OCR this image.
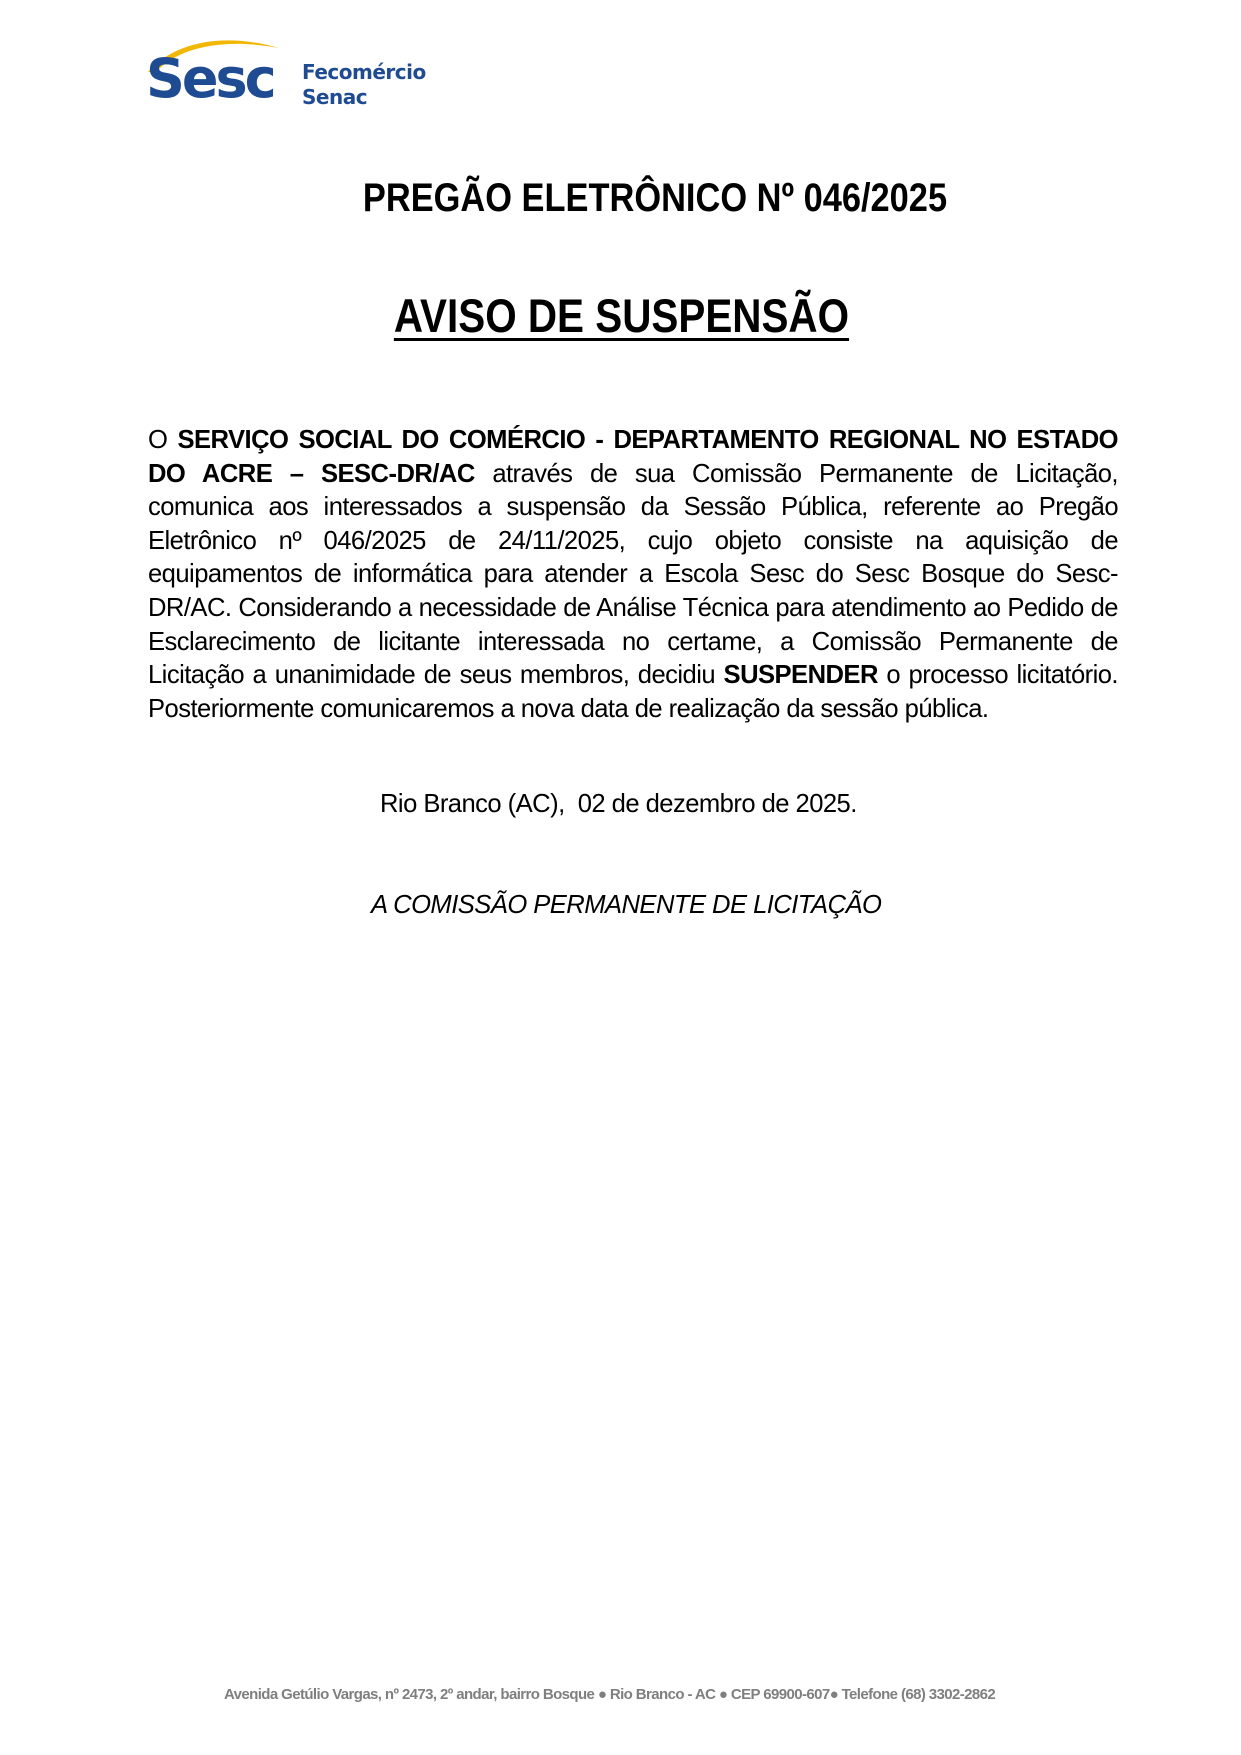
Sesc Fecomércio
Senac
PREGÃO ELETRÔNICO Nº 046/2025
AVISO DE SUSPENSÃO
O SERVIÇO SOCIAL DO COMÉRCIO - DEPARTAMENTO REGIONAL NO ESTADO DO ACRE – SESC-DR/AC através de sua Comissão Permanente de Licitação, comunica aos interessados a suspensão da Sessão Pública, referente ao Pregão Eletrônico nº 046/2025 de 24/11/2025, cujo objeto consiste na aquisição de equipamentos de informática para atender a Escola Sesc do Sesc Bosque do Sesc-DR/AC. Considerando a necessidade de Análise Técnica para atendimento ao Pedido de Esclarecimento de licitante interessada no certame, a Comissão Permanente de Licitação a unanimidade de seus membros, decidiu SUSPENDER o processo licitatório. Posteriormente comunicaremos a nova data de realização da sessão pública.
Rio Branco (AC),  02 de dezembro de 2025.
A COMISSÃO PERMANENTE DE LICITAÇÃO
Avenida Getúlio Vargas, nº 2473, 2º andar, bairro Bosque ● Rio Branco - AC ● CEP 69900-607● Telefone (68) 3302-2862
